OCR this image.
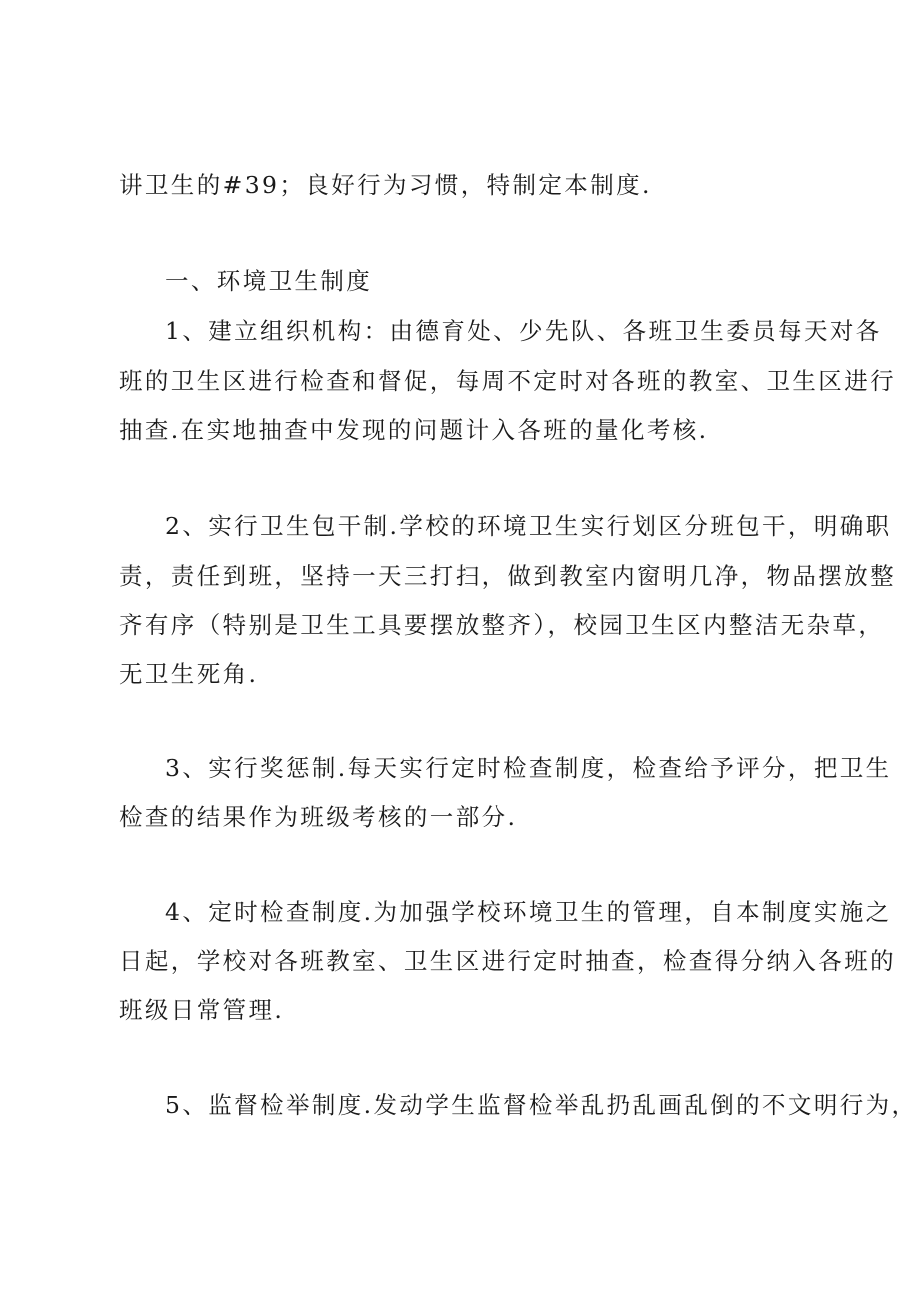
讲卫生的#39；良好行为习惯，特制定本制度.
一、环境卫生制度
1、建立组织机构：由德育处、少先队、各班卫生委员每天对各
班的卫生区进行检查和督促，每周不定时对各班的教室、卫生区进行
抽查.在实地抽查中发现的问题计入各班的量化考核.
2、实行卫生包干制.学校的环境卫生实行划区分班包干，明确职
责，责任到班，坚持一天三打扫，做到教室内窗明几净，物品摆放整
齐有序（特别是卫生工具要摆放整齐），校园卫生区内整洁无杂草，
无卫生死角.
3、实行奖惩制.每天实行定时检查制度，检查给予评分，把卫生
检查的结果作为班级考核的一部分.
4、定时检查制度.为加强学校环境卫生的管理，自本制度实施之
日起，学校对各班教室、卫生区进行定时抽查，检查得分纳入各班的
班级日常管理.
5、监督检举制度.发动学生监督检举乱扔乱画乱倒的不文明行为，
